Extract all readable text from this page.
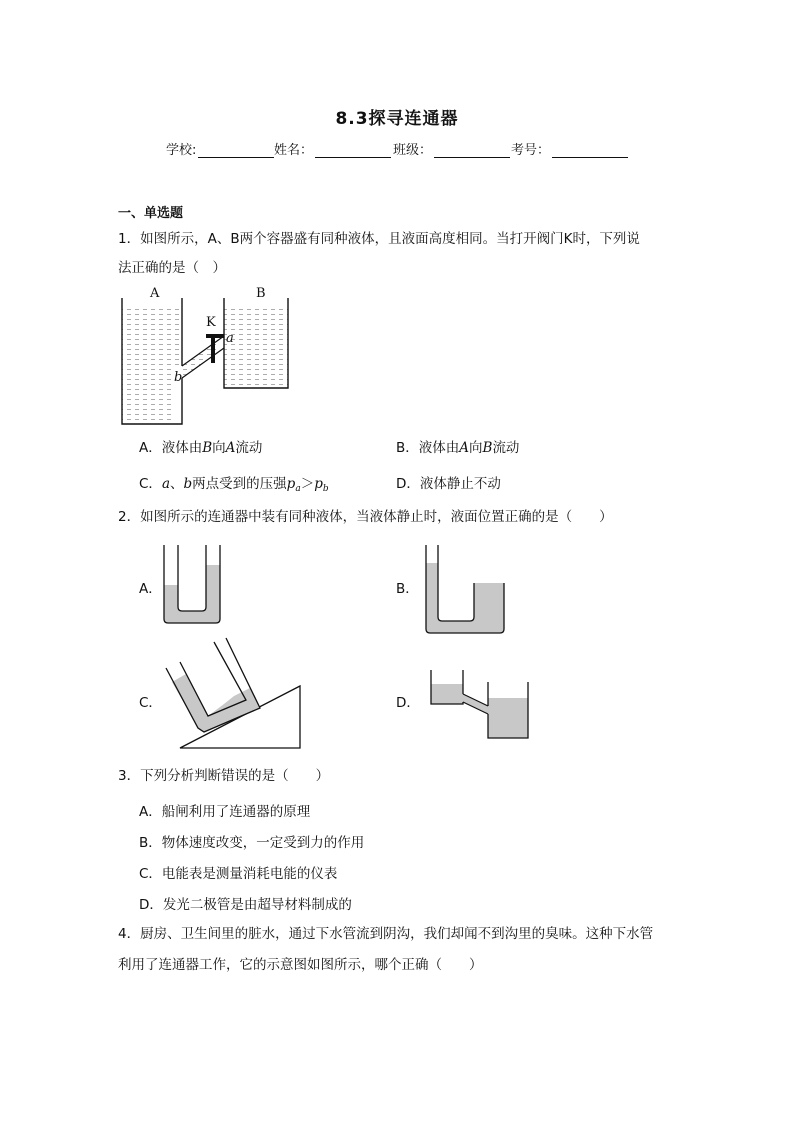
8.3探寻连通器
学校:	姓名：	班级：	考号：
一、单选题
1．如图所示，A、B两个容器盛有同种液体，且液面高度相同。当打开阀门K时，下列说
法正确的是（　）
A	B
K
a
b
A．液体由B向A流动	B．液体由A向B流动
C．a、b两点受到的压强$p_a>p_b$	D．液体静止不动
2．如图所示的连通器中装有同种液体，当液体静止时，液面位置正确的是（　　）
A．	B．
C．	D．
3．下列分析判断错误的是（　　）
A．船闸利用了连通器的原理
B．物体速度改变，一定受到力的作用
C．电能表是测量消耗电能的仪表
D．发光二极管是由超导材料制成的
4．厨房、卫生间里的脏水，通过下水管流到阴沟，我们却闻不到沟里的臭味。这种下水管
利用了连通器工作，它的示意图如图所示，哪个正确（　　）
